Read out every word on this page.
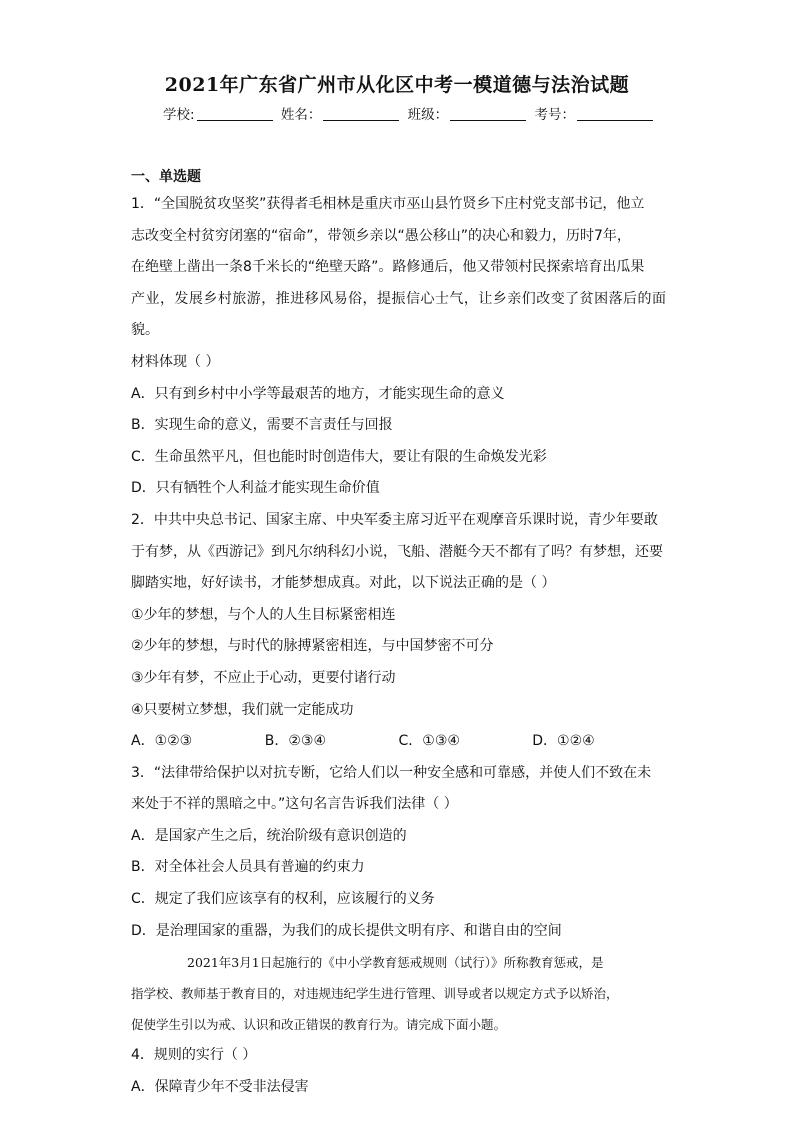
2021年广东省广州市从化区中考一模道德与法治试题
学校:	姓名：	班级：	考号：
一、单选题

1．“全国脱贫攻坚奖”获得者毛相林是重庆市巫山县竹贤乡下庄村党支部书记，他立

志改变全村贫穷闭塞的“宿命”，带领乡亲以“愚公移山”的决心和毅力，历时7年，

在绝壁上凿出一条8千米长的“绝壁天路”。路修通后，他又带领村民探索培育出瓜果

产业，发展乡村旅游，推进移风易俗，提振信心士气，让乡亲们改变了贫困落后的面貌。

材料体现（ ）

A．只有到乡村中小学等最艰苦的地方，才能实现生命的意义

B．实现生命的意义，需要不言责任与回报

C．生命虽然平凡，但也能时时创造伟大，要让有限的生命焕发光彩

D．只有牺牲个人利益才能实现生命价值

2．中共中央总书记、国家主席、中央军委主席习近平在观摩音乐课时说，青少年要敢

于有梦，从《西游记》到凡尔纳科幻小说，飞船、潜艇今天不都有了吗？有梦想，还要

脚踏实地，好好读书，才能梦想成真。对此，以下说法正确的是（ ）

①少年的梦想，与个人的人生目标紧密相连

②少年的梦想，与时代的脉搏紧密相连，与中国梦密不可分

③少年有梦，不应止于心动，更要付诸行动

④只要树立梦想，我们就一定能成功

A．①②③	B．②③④	C．①③④	D．①②④

3．“法律带给保护以对抗专断，它给人们以一种安全感和可靠感，并使人们不致在未

来处于不祥的黑暗之中。”这句名言告诉我们法律（ ）

A．是国家产生之后，统治阶级有意识创造的

B．对全体社会人员具有普遍的约束力

C．规定了我们应该享有的权利，应该履行的义务

D．是治理国家的重器，为我们的成长提供文明有序、和谐自由的空间

2021年3月1日起施行的《中小学教育惩戒规则（试行）》所称教育惩戒，是

指学校、教师基于教育目的，对违规违纪学生进行管理、训导或者以规定方式予以矫治，

促使学生引以为戒、认识和改正错误的教育行为。请完成下面小题。

4．规则的实行（ ）

A．保障青少年不受非法侵害
